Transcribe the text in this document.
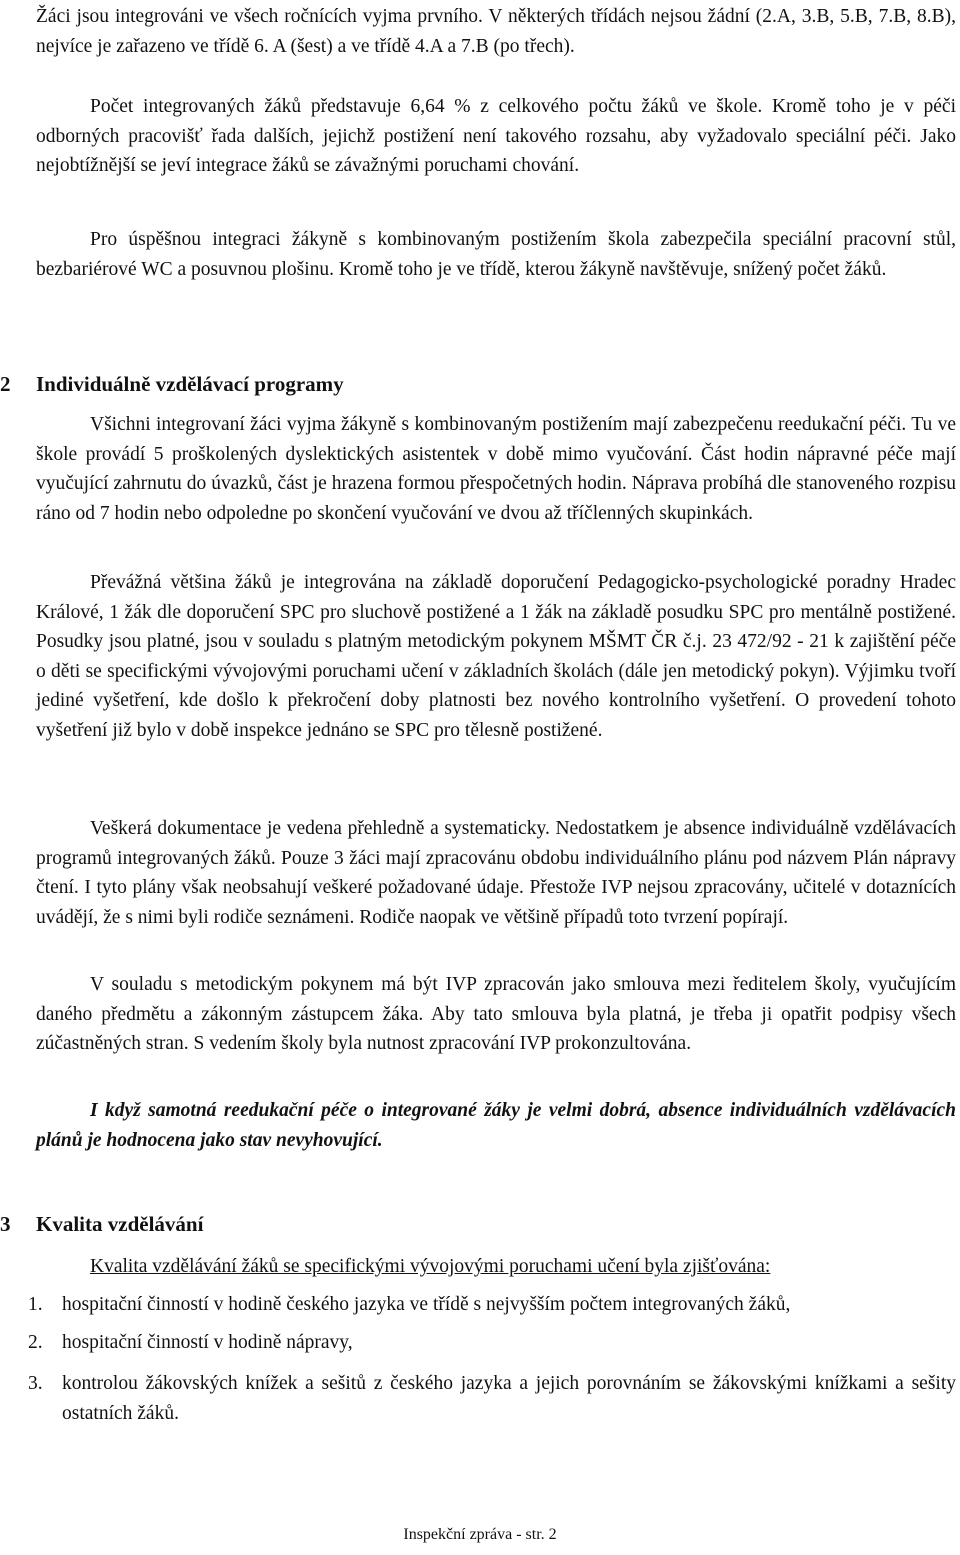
Žáci jsou integrováni ve všech ročnících vyjma prvního. V některých třídách nejsou žádní (2.A, 3.B, 5.B, 7.B, 8.B), nejvíce je zařazeno ve třídě 6. A (šest) a ve třídě 4.A a 7.B (po třech).

Počet integrovaných žáků představuje 6,64 % z celkového počtu žáků ve škole. Kromě toho je v péči odborných pracovišť řada dalších, jejichž postižení není takového rozsahu, aby vyžadovalo speciální péči. Jako nejobtížnější se jeví integrace žáků se závažnými poruchami chování.

Pro úspěšnou integraci žákyně s kombinovaným postižením škola zabezpečila speciální pracovní stůl, bezbariérové WC a posuvnou plošinu. Kromě toho je ve třídě, kterou žákyně navštěvuje, snížený počet žáků.

2 Individuálně vzdělávací programy

Všichni integrovaní žáci vyjma žákyně s kombinovaným postižením mají zabezpečenu reedukační péči. Tu ve škole provádí 5 proškolených dyslektických asistentek v době mimo vyučování. Část hodin nápravné péče mají vyučující zahrnutu do úvazků, část je hrazena formou přespočetných hodin. Náprava probíhá dle stanoveného rozpisu ráno od 7 hodin nebo odpoledne po skončení vyučování ve dvou až tříčlenných skupinkách.

Převážná většina žáků je integrována na základě doporučení Pedagogicko-psychologické poradny Hradec Králové, 1 žák dle doporučení SPC pro sluchově postižené a 1 žák na základě posudku SPC pro mentálně postižené. Posudky jsou platné, jsou v souladu s platným metodickým pokynem MŠMT ČR č.j. 23 472/92 - 21 k zajištění péče o děti se specifickými vývojovými poruchami učení v základních školách (dále jen metodický pokyn). Výjimku tvoří jediné vyšetření, kde došlo k překročení doby platnosti bez nového kontrolního vyšetření. O provedení tohoto vyšetření již bylo v době inspekce jednáno se SPC pro tělesně postižené.

Veškerá dokumentace je vedena přehledně a systematicky. Nedostatkem je absence individuálně vzdělávacích programů integrovaných žáků. Pouze 3 žáci mají zpracovánu obdobu individuálního plánu pod názvem Plán nápravy čtení. I tyto plány však neobsahují veškeré požadované údaje. Přestože IVP nejsou zpracovány, učitelé v dotaznících uvádějí, že s nimi byli rodiče seznámeni. Rodiče naopak ve většině případů toto tvrzení popírají.

V souladu s metodickým pokynem má být IVP zpracován jako smlouva mezi ředitelem školy, vyučujícím daného předmětu a zákonným zástupcem žáka. Aby tato smlouva byla platná, je třeba ji opatřit podpisy všech zúčastněných stran. S vedením školy byla nutnost zpracování IVP prokonzultována.

I když samotná reedukační péče o integrované žáky je velmi dobrá, absence individuálních vzdělávacích plánů je hodnocena jako stav nevyhovující.

3 Kvalita vzdělávání

Kvalita vzdělávání žáků se specifickými vývojovými poruchami učení byla zjišťována:

1. hospitační činností v hodině českého jazyka ve třídě s nejvyšším počtem integrovaných žáků,
2. hospitační činností v hodině nápravy,
3. kontrolou žákovských knížek a sešitů z českého jazyka a jejich porovnáním se žákovskými knížkami a sešity ostatních žáků.
Inspekční zpráva - str. 2
